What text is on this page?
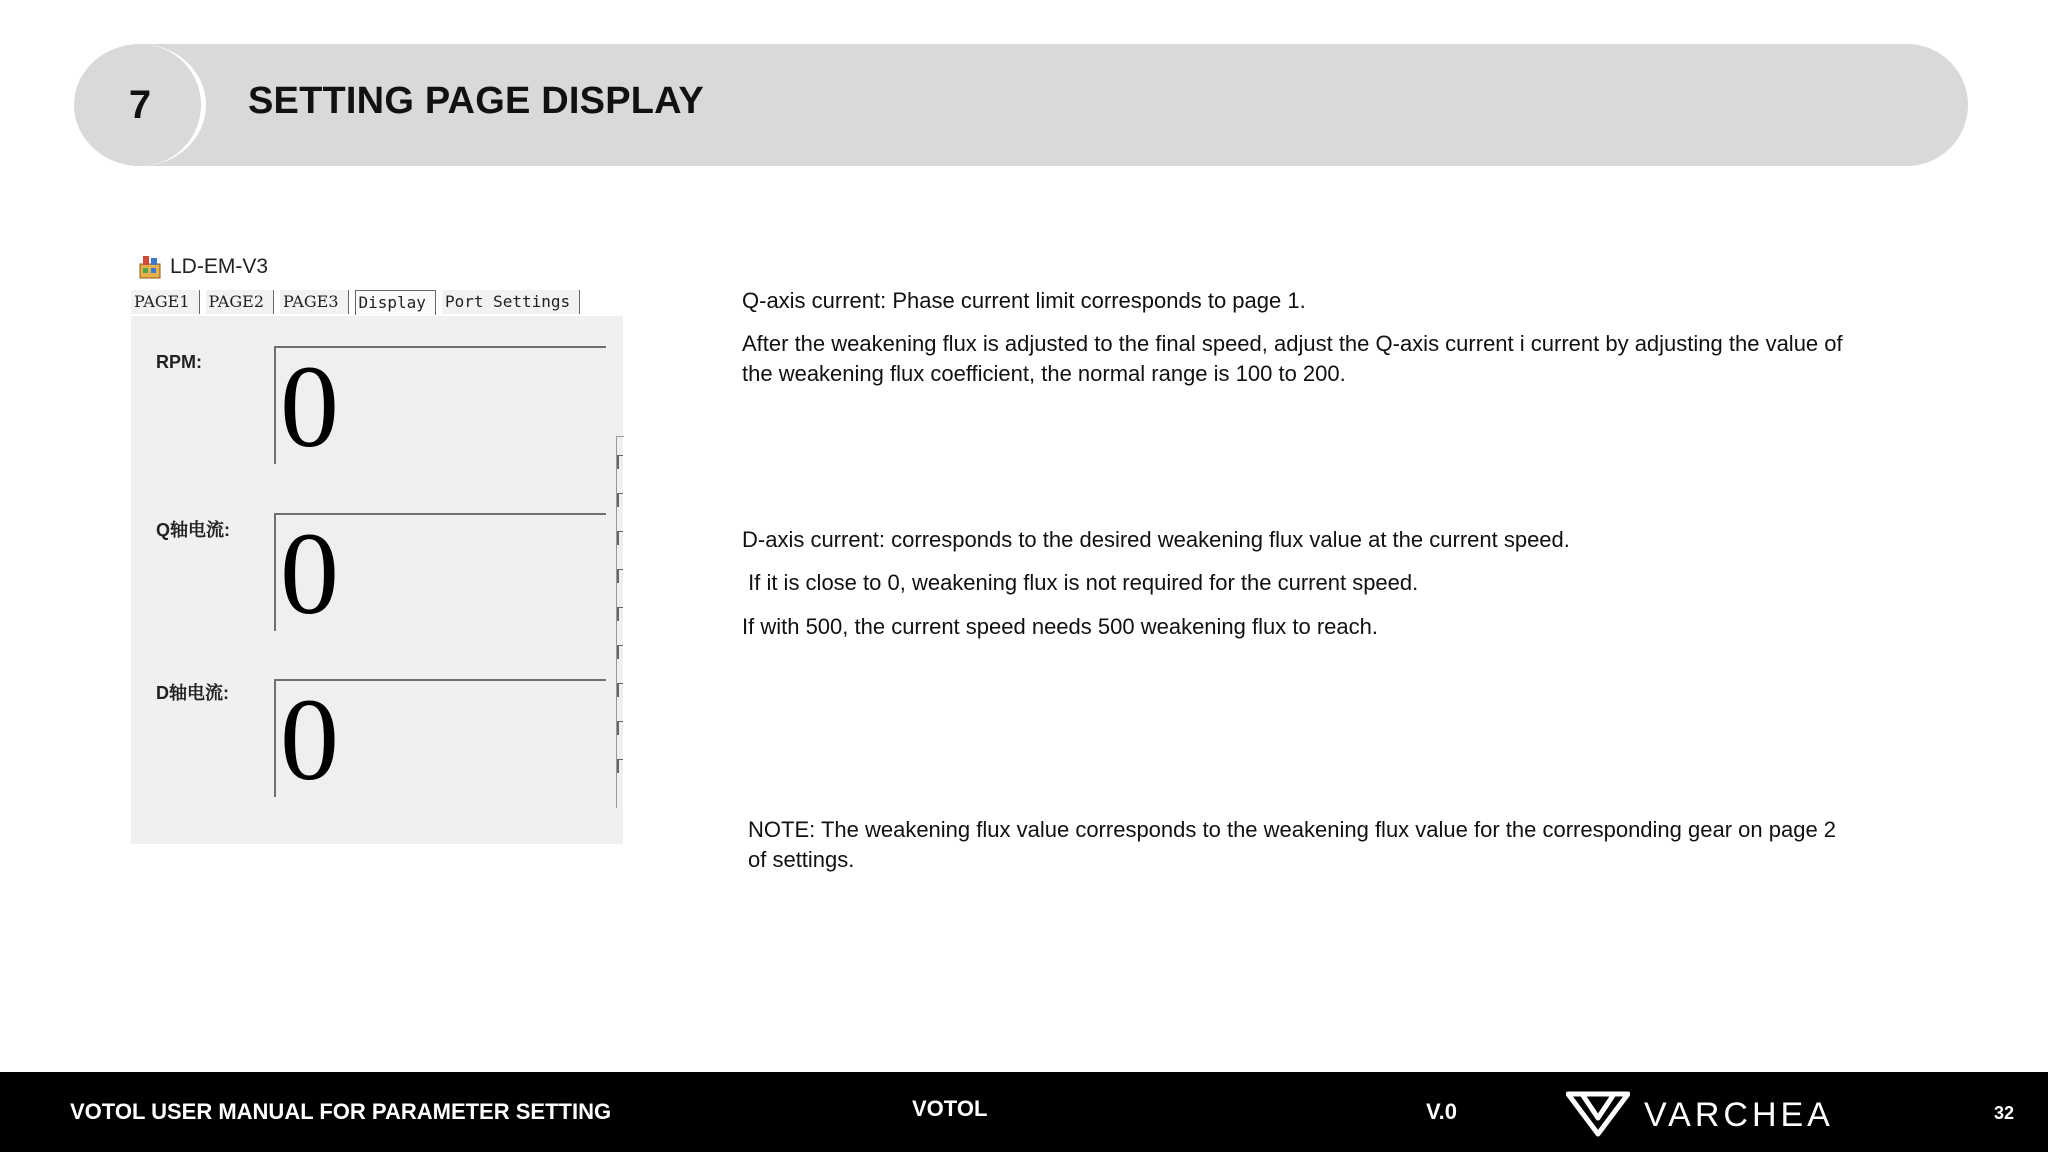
7	SETTING PAGE DISPLAY
LD-EM-V3
PAGE1	PAGE2	PAGE3	Display	Port Settings
RPM: 0
Q轴电流: 0
D轴电流: 0
Q-axis current: Phase current limit corresponds to page 1.
After the weakening flux is adjusted to the final speed, adjust the Q-axis current i current by adjusting the value of the weakening flux coefficient, the normal range is 100 to 200.
D-axis current: corresponds to the desired weakening flux value at the current speed.
If it is close to 0, weakening flux is not required for the current speed.
If with 500, the current speed needs 500 weakening flux to reach.
NOTE: The weakening flux value corresponds to the weakening flux value for the corresponding gear on page 2 of settings.
VOTOL USER MANUAL FOR PARAMETER SETTING	VOTOL	V.0	VARCHEA	32
